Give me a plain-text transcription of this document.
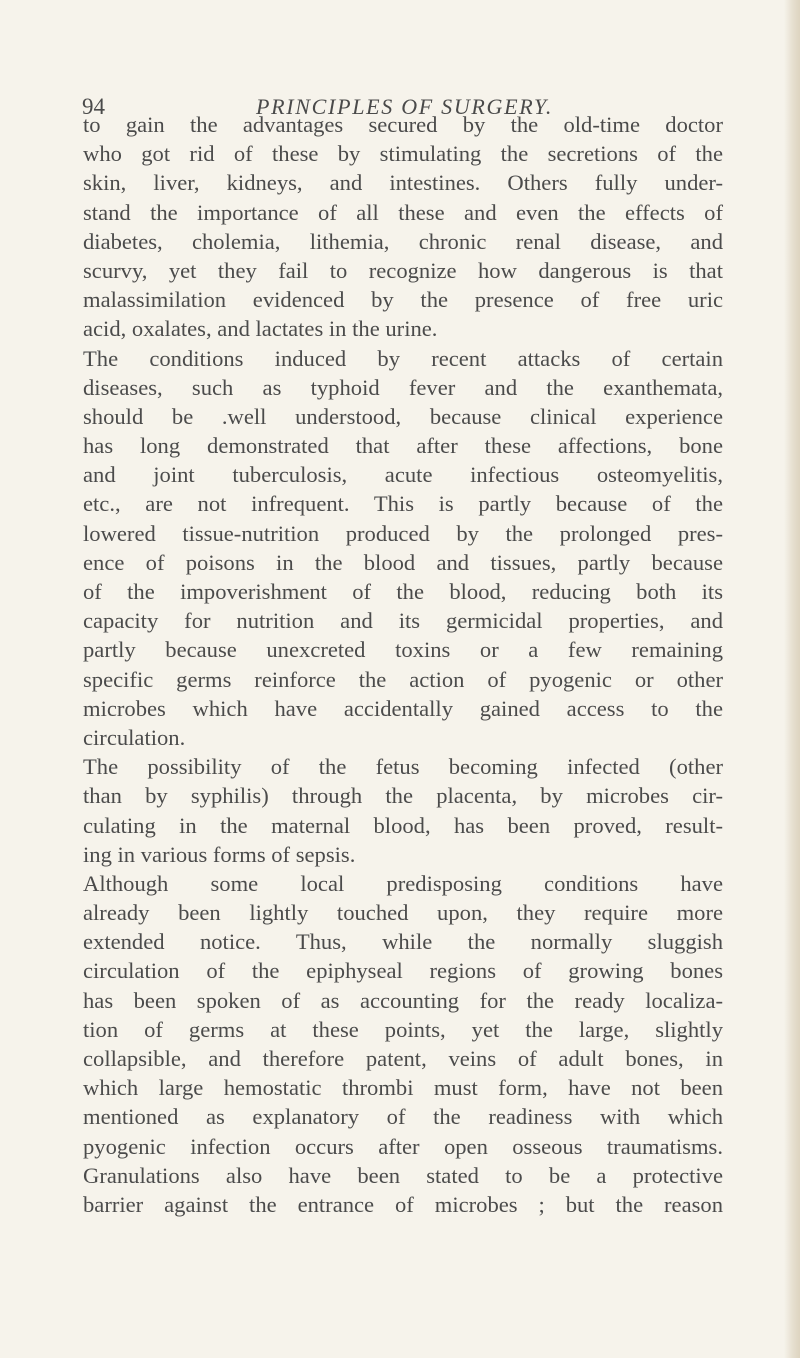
94	PRINCIPLES OF SURGERY.
to gain the advantages secured by the old-time doctor
who got rid of these by stimulating the secretions of the
skin, liver, kidneys, and intestines. Others fully under-
stand the importance of all these and even the effects of
diabetes, cholemia, lithemia, chronic renal disease, and
scurvy, yet they fail to recognize how dangerous is that
malassimilation evidenced by the presence of free uric
acid, oxalates, and lactates in the urine.
The conditions induced by recent attacks of certain
diseases, such as typhoid fever and the exanthemata,
should be .well understood, because clinical experience
has long demonstrated that after these affections, bone
and joint tuberculosis, acute infectious osteomyelitis,
etc., are not infrequent. This is partly because of the
lowered tissue-nutrition produced by the prolonged pres-
ence of poisons in the blood and tissues, partly because
of the impoverishment of the blood, reducing both its
capacity for nutrition and its germicidal properties, and
partly because unexcreted toxins or a few remaining
specific germs reinforce the action of pyogenic or other
microbes which have accidentally gained access to the
circulation.
The possibility of the fetus becoming infected (other
than by syphilis) through the placenta, by microbes cir-
culating in the maternal blood, has been proved, result-
ing in various forms of sepsis.
Although some local predisposing conditions have
already been lightly touched upon, they require more
extended notice. Thus, while the normally sluggish
circulation of the epiphyseal regions of growing bones
has been spoken of as accounting for the ready localiza-
tion of germs at these points, yet the large, slightly
collapsible, and therefore patent, veins of adult bones, in
which large hemostatic thrombi must form, have not been
mentioned as explanatory of the readiness with which
pyogenic infection occurs after open osseous traumatisms.
Granulations also have been stated to be a protective
barrier against the entrance of microbes ; but the reason
